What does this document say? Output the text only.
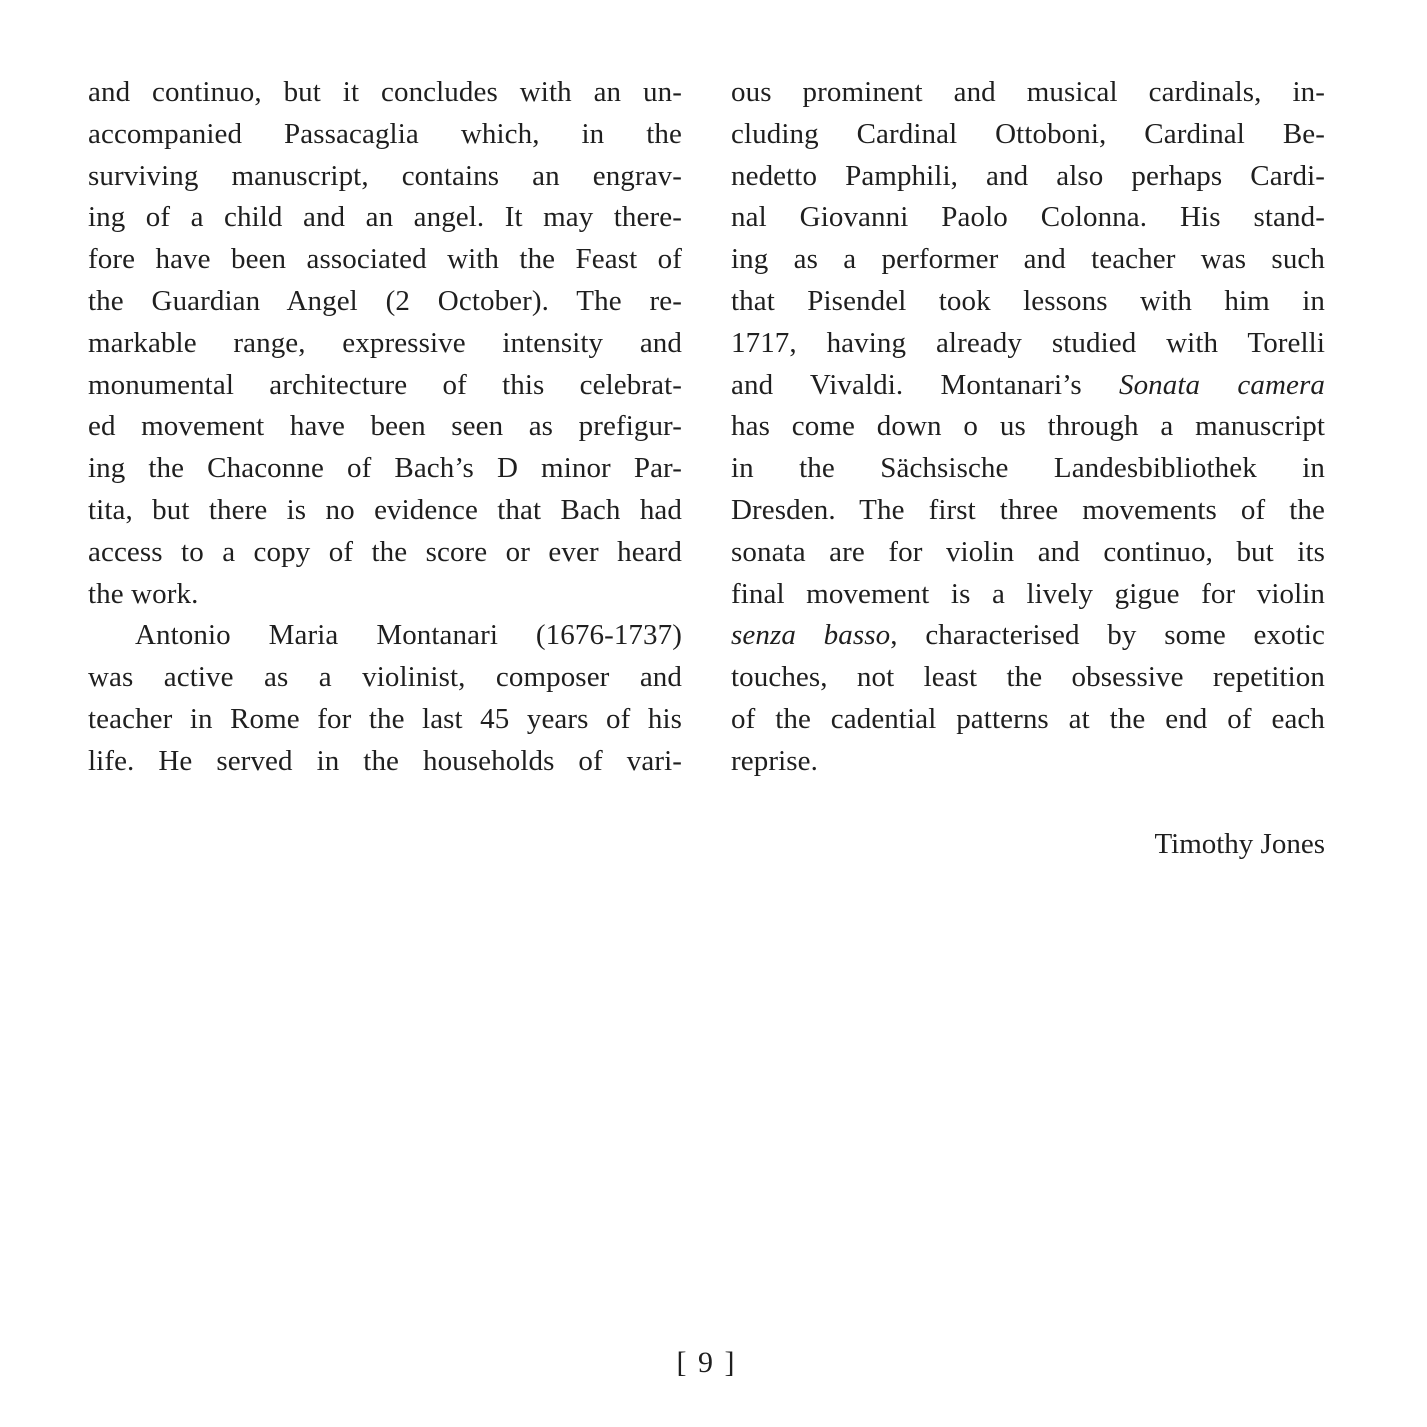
and continuo, but it concludes with an un-
accompanied Passacaglia which, in the
surviving manuscript, contains an engrav-
ing of a child and an angel. It may there-
fore have been associated with the Feast of
the Guardian Angel (2 October). The re-
markable range, expressive intensity and
monumental architecture of this celebrat-
ed movement have been seen as prefigur-
ing the Chaconne of Bach’s D minor Par-
tita, but there is no evidence that Bach had
access to a copy of the score or ever heard
the work.
Antonio Maria Montanari (1676-1737)
was active as a violinist, composer and
teacher in Rome for the last 45 years of his
life. He served in the households of vari-
ous prominent and musical cardinals, in-
cluding Cardinal Ottoboni, Cardinal Be-
nedetto Pamphili, and also perhaps Cardi-
nal Giovanni Paolo Colonna. His stand-
ing as a performer and teacher was such
that Pisendel took lessons with him in
1717, having already studied with Torelli
and Vivaldi. Montanari’s Sonata camera
has come down o us through a manuscript
in the Sächsische Landesbibliothek in
Dresden. The first three movements of the
sonata are for violin and continuo, but its
final movement is a lively gigue for violin
senza basso, characterised by some exotic
touches, not least the obsessive repetition
of the cadential patterns at the end of each
reprise.
Timothy Jones
[ 9 ]
